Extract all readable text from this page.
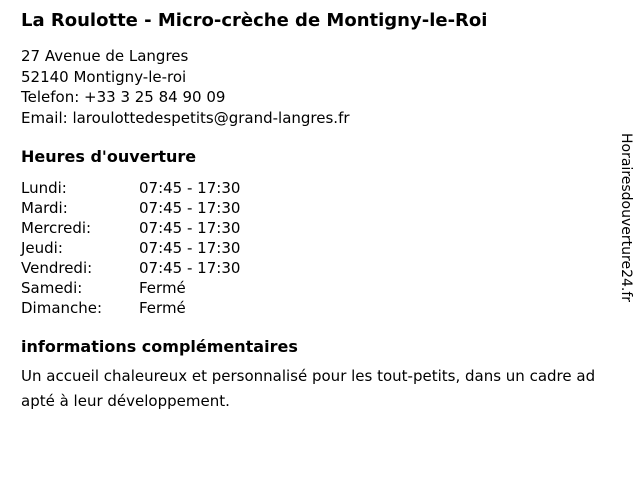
La Roulotte - Micro-crèche de Montigny-le-Roi

27 Avenue de Langres

52140 Montigny-le-roi

Telefon: +33 3 25 84 90 09

Email: laroulottedespetits@grand-langres.fr

Heures d'ouverture
Lundi:	07:45 - 17:30
Mardi:	07:45 - 17:30
Mercredi:	07:45 - 17:30
Jeudi:	07:45 - 17:30
Vendredi:	07:45 - 17:30
Samedi:	Fermé
Dimanche:	Fermé
informations complémentaires

Un accueil chaleureux et personnalisé pour les tout-petits, dans un cadre adapté à leur développement.

Horairesdouverture24.fr
